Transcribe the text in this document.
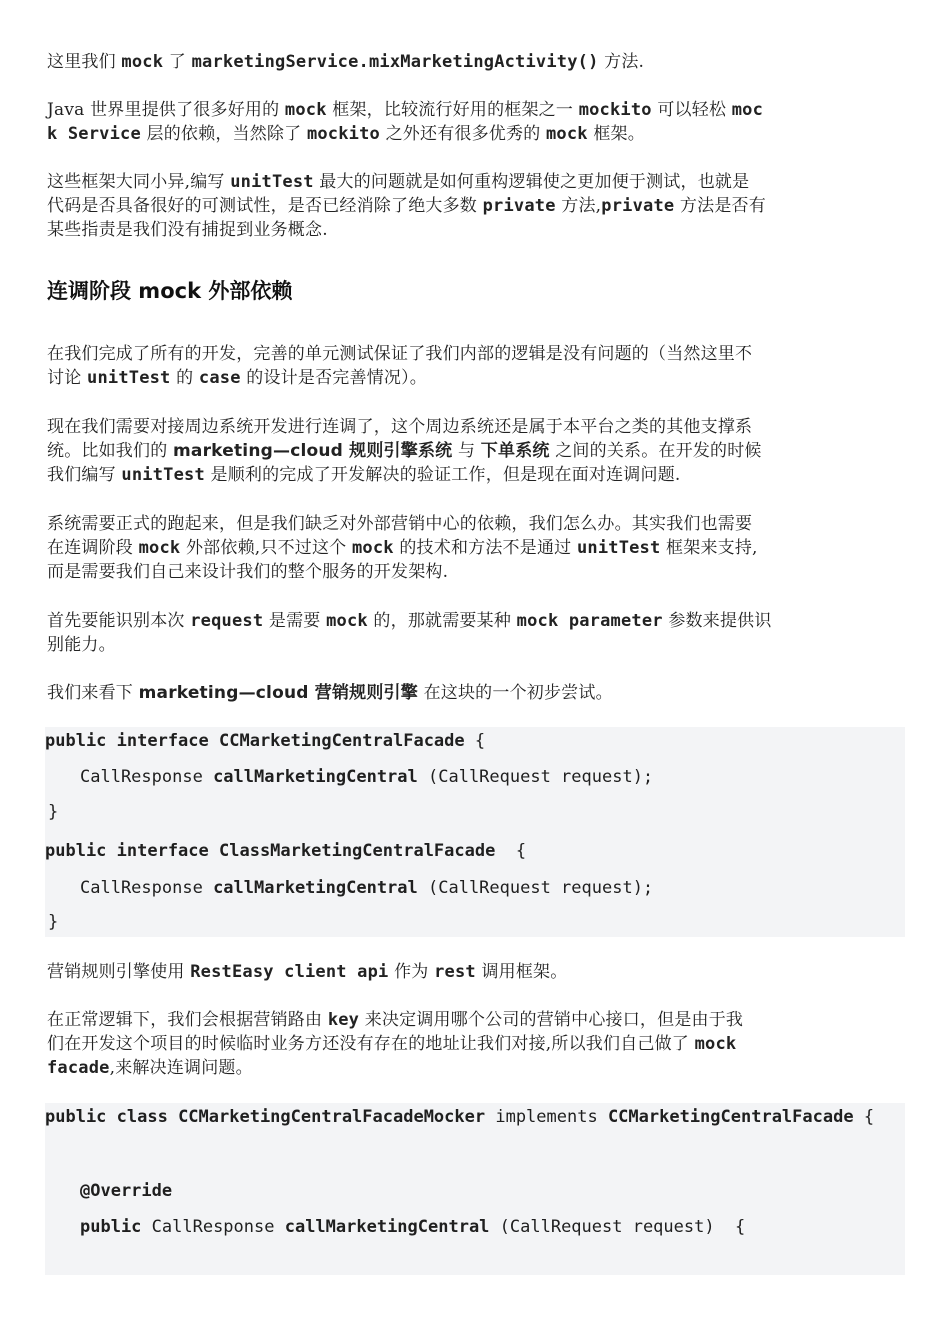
这里我们 mock 了 marketingService.mixMarketingActivity() 方法.

Java 世界里提供了很多好用的 mock 框架，比较流行好用的框架之一 mockito 可以轻松 moc
k Service 层的依赖，当然除了 mockito 之外还有很多优秀的 mock 框架。

这些框架大同小异,编写 unitTest 最大的问题就是如何重构逻辑使之更加便于测试，也就是
代码是否具备很好的可测试性，是否已经消除了绝大多数 private 方法,private 方法是否有
某些指责是我们没有捕捉到业务概念.

连调阶段 mock 外部依赖

在我们完成了所有的开发，完善的单元测试保证了我们内部的逻辑是没有问题的（当然这里不
讨论 unitTest 的 case 的设计是否完善情况）。

现在我们需要对接周边系统开发进行连调了，这个周边系统还是属于本平台之类的其他支撑系
统。比如我们的 marketing—cloud 规则引擎系统 与 下单系统 之间的关系。在开发的时候
我们编写 unitTest 是顺利的完成了开发解决的验证工作，但是现在面对连调问题.

系统需要正式的跑起来，但是我们缺乏对外部营销中心的依赖，我们怎么办。其实我们也需要
在连调阶段 mock 外部依赖,只不过这个 mock 的技术和方法不是通过 unitTest 框架来支持,
而是需要我们自己来设计我们的整个服务的开发架构.

首先要能识别本次 request 是需要 mock 的，那就需要某种 mock parameter 参数来提供识
别能力。

我们来看下 marketing—cloud 营销规则引擎 在这块的一个初步尝试。

public interface CCMarketingCentralFacade {
CallResponse callMarketingCentral (CallRequest request);
}
public interface ClassMarketingCentralFacade  {
CallResponse callMarketingCentral (CallRequest request);
}

营销规则引擎使用 RestEasy client api 作为 rest 调用框架。

在正常逻辑下，我们会根据营销路由 key 来决定调用哪个公司的营销中心接口，但是由于我
们在开发这个项目的时候临时业务方还没有存在的地址让我们对接,所以我们自己做了 mock
facade,来解决连调问题。

public class CCMarketingCentralFacadeMocker implements CCMarketingCentralFacade {
@Override
public CallResponse callMarketingCentral (CallRequest request)  {
